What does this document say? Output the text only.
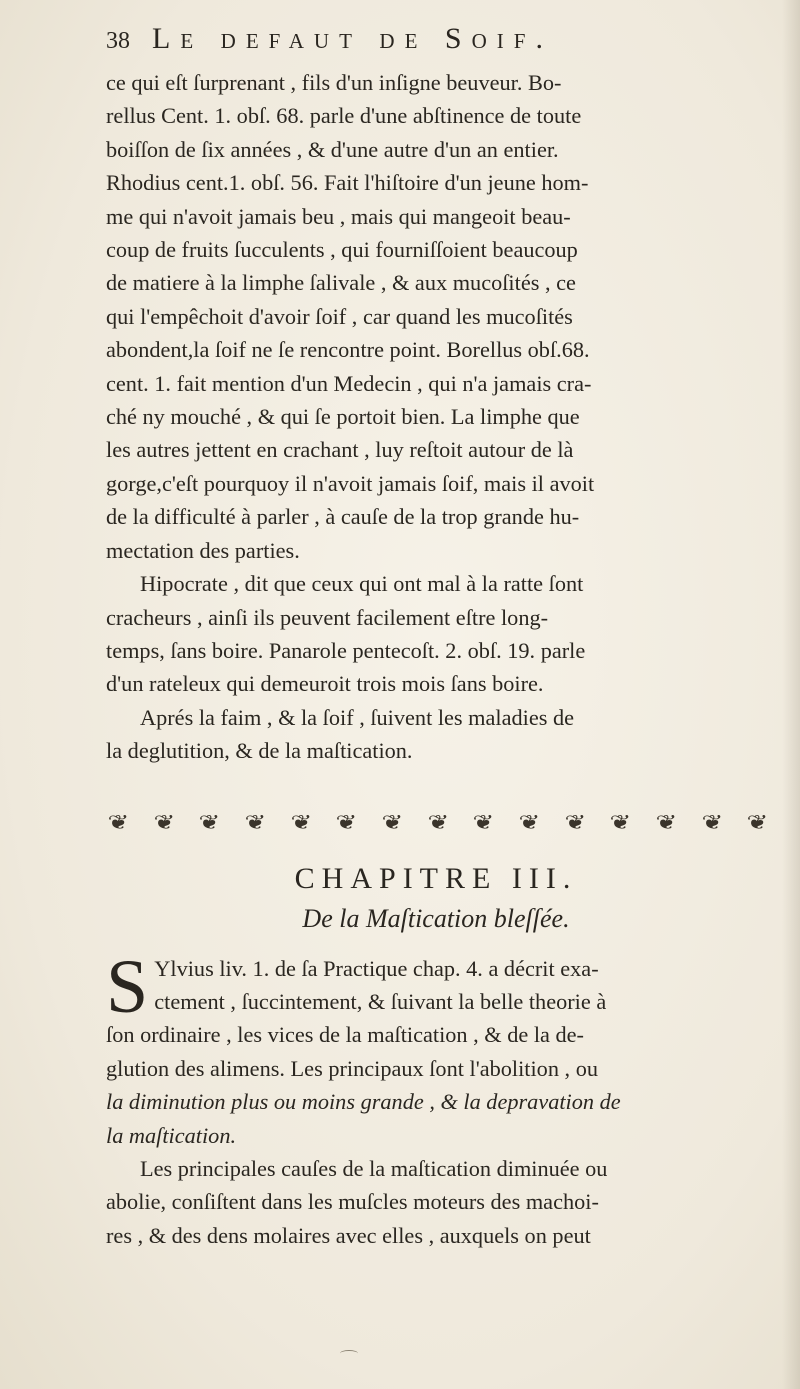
38 Le defaut de Soif.

ce qui eſt ſurprenant , fils d'un inſigne beuveur. Bo-
rellus Cent. 1. obſ. 68. parle d'une abſtinence de toute
boiſſon de ſix années , & d'une autre d'un an entier.
Rhodius cent.1. obſ. 56. Fait l'hiſtoire d'un jeune hom-
me qui n'avoit jamais beu , mais qui mangeoit beau-
coup de fruits ſucculents , qui fourniſſoient beaucoup
de matiere à la limphe ſalivale , & aux mucoſités , ce
qui l'empêchoit d'avoir ſoif , car quand les mucoſités
abondent,la ſoif ne ſe rencontre point. Borellus obſ.68.
cent. 1. fait mention d'un Medecin , qui n'a jamais cra-
ché ny mouché , & qui ſe portoit bien. La limphe que
les autres jettent en crachant , luy reſtoit autour de là
gorge,c'eſt pourquoy il n'avoit jamais ſoif, mais il avoit
de la difficulté à parler , à cauſe de la trop grande hu-
mectation des parties.

Hipocrate , dit que ceux qui ont mal à la ratte ſont
cracheurs , ainſi ils peuvent facilement eſtre long-
temps, ſans boire. Panarole pentecoſt. 2. obſ. 19. parle
d'un rateleux qui demeuroit trois mois ſans boire.

Aprés la faim , & la ſoif , ſuivent les maladies de
la deglutition, & de la maſtication.

❦ ❦ ❦ ❦ ❦ ❦ ❦ ❦ ❦ ❦ ❦ ❦ ❦ ❦ ❦
CHAPITRE III.
De la Maſtication bleſſée.

S Ylvius liv. 1. de ſa Practique chap. 4. a décrit exa-
ctement , ſuccintement, & ſuivant la belle theorie à
ſon ordinaire , les vices de la maſtication , & de la de-
glution des alimens. Les principaux ſont l'abolition , ou
la diminution plus ou moins grande , & la depravation de
la maſtication.

Les principales cauſes de la maſtication diminuée ou
abolie, conſiſtent dans les muſcles moteurs des machoi-
res , & des dens molaires avec elles , auxquels on peut
